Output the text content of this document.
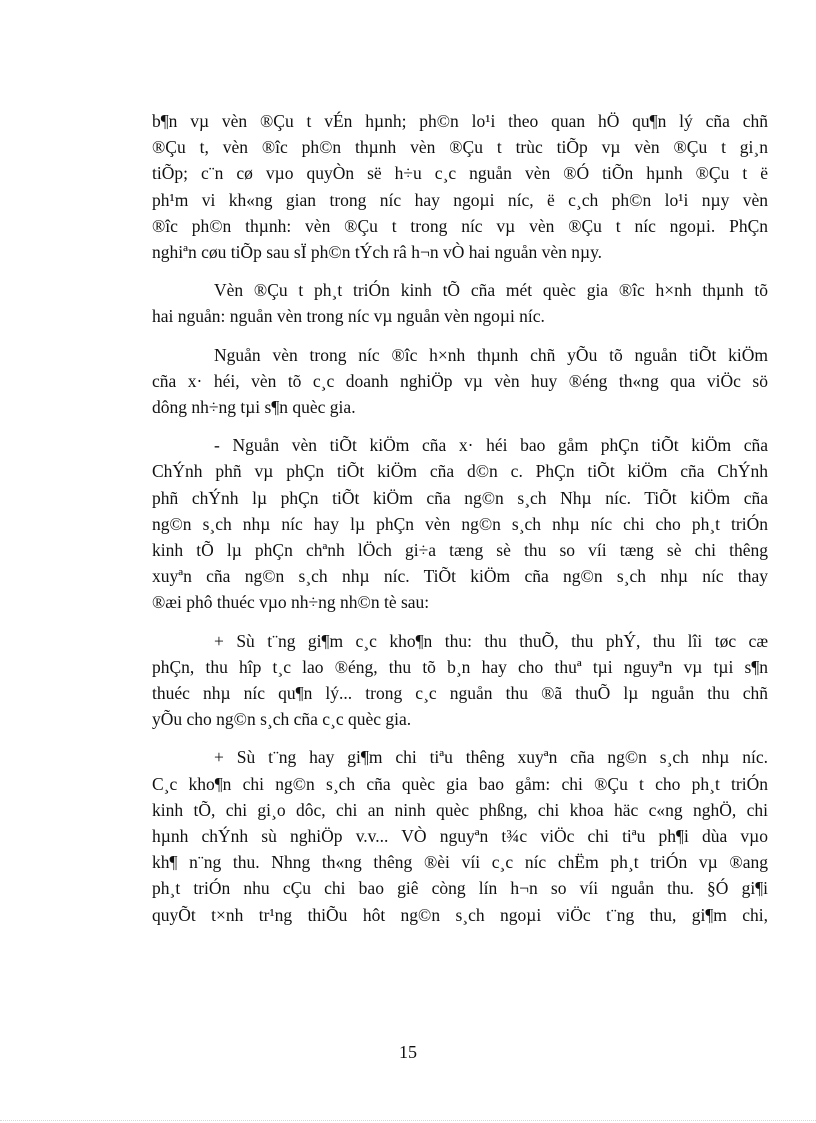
b¶n vµ vèn ®Çu t vÉn hµnh; ph©n lo¹i theo quan hÖ qu¶n lý cña chñ
®Çu t, vèn ®îc ph©n thµnh vèn ®Çu t trùc tiÕp vµ vèn ®Çu t gi¸n
tiÕp; c¨n cø vµo quyÒn së h÷u c¸c nguån vèn ®Ó tiÕn hµnh ®Çu t ë
ph¹m vi kh«ng gian trong níc hay ngoµi níc, ë c¸ch ph©n lo¹i nµy vèn
®îc ph©n thµnh: vèn ®Çu t trong níc vµ vèn ®Çu t níc ngoµi. PhÇn
nghiªn cøu tiÕp sau sÏ ph©n tÝch râ h¬n vÒ hai nguån vèn nµy.
Vèn ®Çu t ph¸t triÓn kinh tÕ cña mét quèc gia ®îc h×nh thµnh tõ
hai nguån: nguån vèn trong níc vµ nguån vèn ngoµi níc.
Nguån vèn trong níc ®îc h×nh thµnh chñ yÕu tõ nguån tiÕt kiÖm
cña x· héi, vèn tõ c¸c doanh nghiÖp vµ vèn huy ®éng th«ng qua viÖc sö
dông nh÷ng tµi s¶n quèc gia.
- Nguån vèn tiÕt kiÖm cña x· héi bao gåm phÇn tiÕt kiÖm cña
ChÝnh phñ vµ phÇn tiÕt kiÖm cña d©n c. PhÇn tiÕt kiÖm cña ChÝnh
phñ chÝnh lµ phÇn tiÕt kiÖm cña ng©n s¸ch Nhµ níc. TiÕt kiÖm cña
ng©n s¸ch nhµ níc hay lµ phÇn vèn ng©n s¸ch nhµ níc chi cho ph¸t triÓn
kinh tÕ lµ phÇn chªnh lÖch gi÷a tæng sè thu so víi tæng sè chi thêng
xuyªn cña ng©n s¸ch nhµ níc. TiÕt kiÖm cña ng©n s¸ch nhµ níc thay
®æi phô thuéc vµo nh÷ng nh©n tè sau:
+ Sù t¨ng gi¶m c¸c kho¶n thu: thu thuÕ, thu phÝ, thu lîi tøc cæ
phÇn, thu hîp t¸c lao ®éng, thu tõ b¸n hay cho thuª tµi nguyªn vµ tµi s¶n
thuéc nhµ níc qu¶n lý... trong c¸c nguån thu ®ã thuÕ lµ nguån thu chñ
yÕu cho ng©n s¸ch cña c¸c quèc gia.
+ Sù t¨ng hay gi¶m chi tiªu thêng xuyªn cña ng©n s¸ch nhµ níc.
C¸c kho¶n chi ng©n s¸ch cña quèc gia bao gåm: chi ®Çu t cho ph¸t triÓn
kinh tÕ, chi gi¸o dôc, chi an ninh quèc phßng, chi khoa häc c«ng nghÖ, chi
hµnh chÝnh sù nghiÖp v.v... VÒ nguyªn t¾c viÖc chi tiªu ph¶i dùa vµo
kh¶ n¨ng thu. Nhng th«ng thêng ®èi víi c¸c níc chËm ph¸t triÓn vµ ®ang
ph¸t triÓn nhu cÇu chi bao giê còng lín h¬n so víi nguån thu. §Ó gi¶i
quyÕt t×nh tr¹ng thiÕu hôt ng©n s¸ch ngoµi viÖc t¨ng thu, gi¶m chi,
15
